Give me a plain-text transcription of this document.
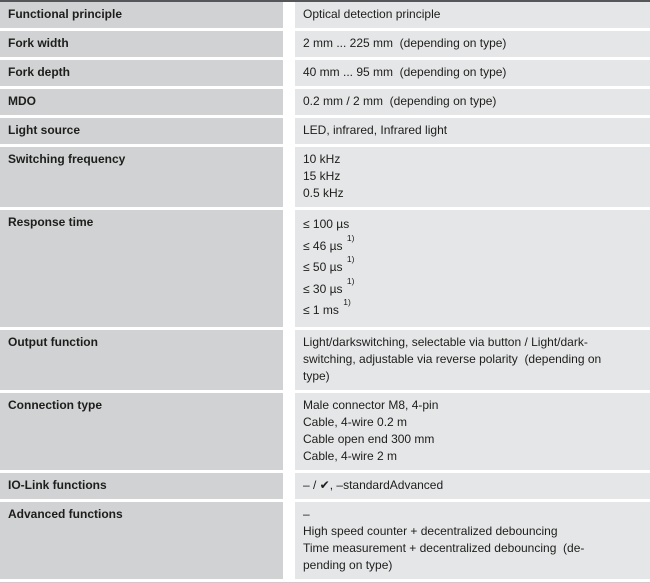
Functional principle	Optical detection principle
Fork width	2 mm ... 225 mm  (depending on type)
Fork depth	40 mm ... 95 mm  (depending on type)
MDO	0.2 mm / 2 mm  (depending on type)
Light source	LED, infrared, Infrared light
Switching frequency	10 kHz
15 kHz
0.5 kHz
Response time	≤ 100 µs
≤ 46 µs $^{1)}$
≤ 50 µs $^{1)}$
≤ 30 µs $^{1)}$
≤ 1 ms $^{1)}$
Output function	Light/darkswitching, selectable via button / Light/dark-
switching, adjustable via reverse polarity  (depending on
type)
Connection type	Male connector M8, 4-pin
Cable, 4-wire 0.2 m
Cable open end 300 mm
Cable, 4-wire 2 m
IO-Link functions	– / ✔, –standardAdvanced
Advanced functions	–
High speed counter + decentralized debouncing
Time measurement + decentralized debouncing  (de-
pending on type)
